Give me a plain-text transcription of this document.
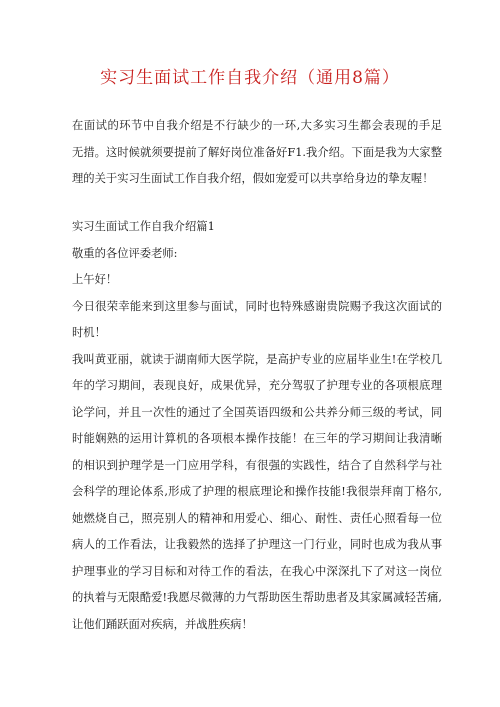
实习生面试工作自我介绍（通用8篇）
在面试的环节中自我介绍是不行缺少的一环,大多实习生都会表现的手足
无措。这时候就须要提前了解好岗位准备好F1.我介绍。下面是我为大家整
理的关于实习生面试工作自我介绍，假如宠爱可以共享给身边的挚友喔！
实习生面试工作自我介绍篇1
敬重的各位评委老师:
上午好！
今日很荣幸能来到这里参与面试，同时也特殊感谢贵院赐予我这次面试的
时机！
我叫黄亚丽，就读于湖南师大医学院，是高护专业的应届毕业生!在学校几
年的学习期间，表现良好，成果优异，充分驾驭了护理专业的各项根底理
论学问，并且一次性的通过了全国英语四级和公共养分师三级的考试，同
时能娴熟的运用计算机的各项根本操作技能！在三年的学习期间让我清晰
的相识到护理学是一门应用学科，有很强的实践性，结合了自然科学与社
会科学的理论体系,形成了护理的根底理论和操作技能!我很崇拜南丁格尔,
她燃烧自己，照亮别人的精神和用爱心、细心、耐性、责任心照看每一位
病人的工作看法，让我毅然的选择了护理这一门行业，同时也成为我从事
护理事业的学习目标和对待工作的看法，在我心中深深扎下了对这一岗位
的执着与无限酷爱!我愿尽微薄的力气帮助医生帮助患者及其家属减轻苦痛,
让他们踊跃面对疾病，并战胜疾病！
